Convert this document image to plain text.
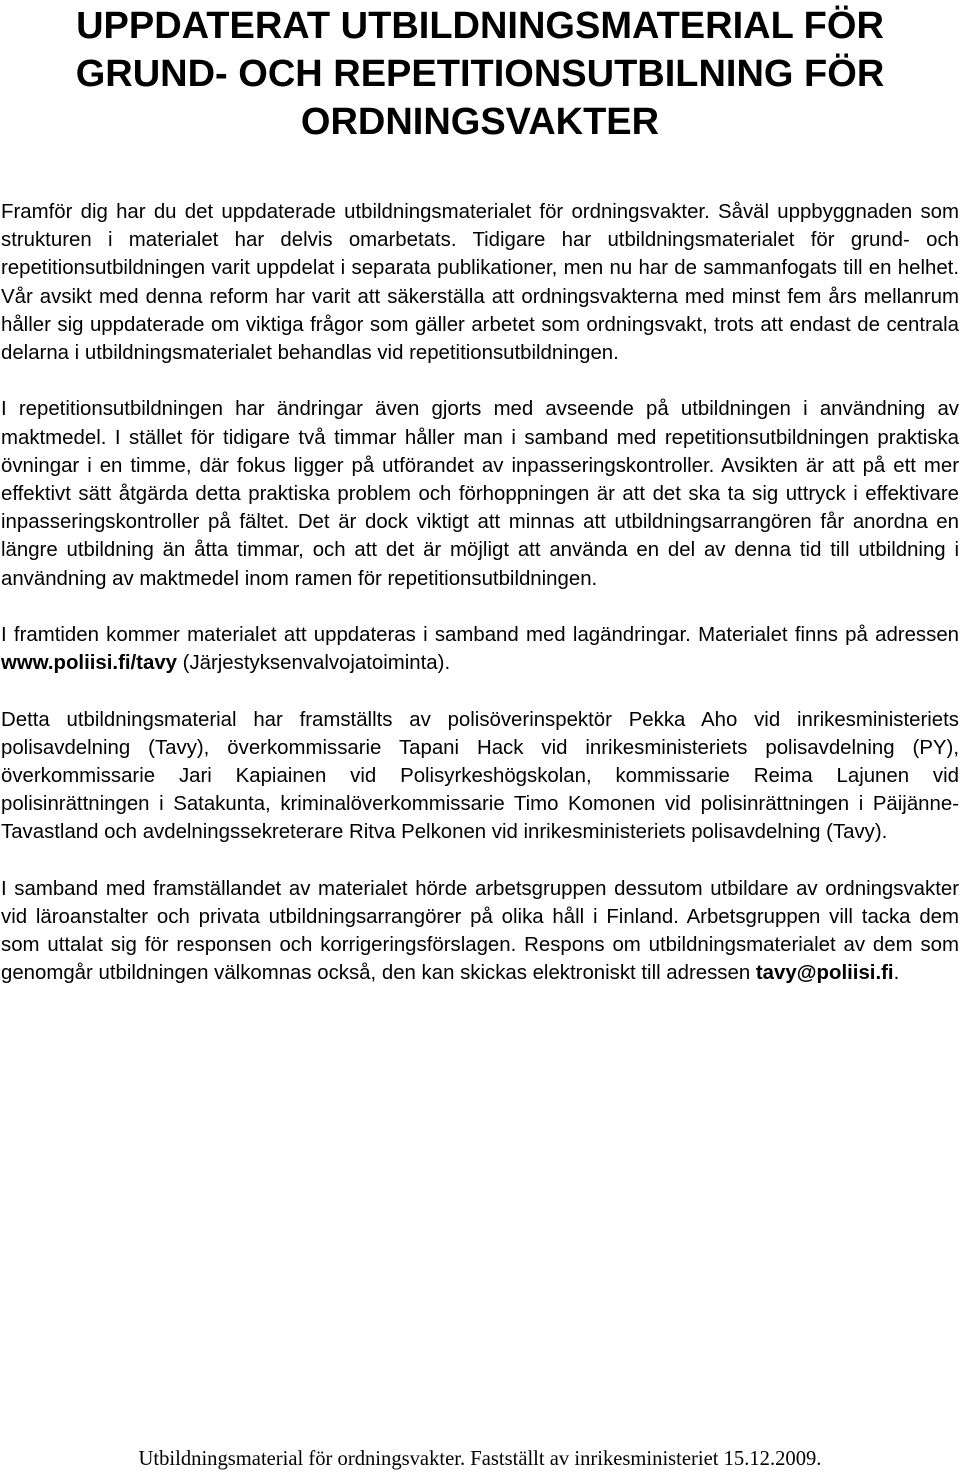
UPPDATERAT UTBILDNINGSMATERIAL FÖR
GRUND- OCH REPETITIONSUTBILNING FÖR
ORDNINGSVAKTER

Framför dig har du det uppdaterade utbildningsmaterialet för ordningsvakter. Såväl uppbyggnaden som strukturen i materialet har delvis omarbetats. Tidigare har utbildningsmaterialet för grund- och repetitionsutbildningen varit uppdelat i separata publikationer, men nu har de sammanfogats till en helhet. Vår avsikt med denna reform har varit att säkerställa att ordningsvakterna med minst fem års mellanrum håller sig uppdaterade om viktiga frågor som gäller arbetet som ordningsvakt, trots att endast de centrala delarna i utbildningsmaterialet behandlas vid repetitionsutbildningen.

I repetitionsutbildningen har ändringar även gjorts med avseende på utbildningen i användning av maktmedel. I stället för tidigare två timmar håller man i samband med repetitionsutbildningen praktiska övningar i en timme, där fokus ligger på utförandet av inpasseringskontroller. Avsikten är att på ett mer effektivt sätt åtgärda detta praktiska problem och förhoppningen är att det ska ta sig uttryck i effektivare inpasseringskontroller på fältet. Det är dock viktigt att minnas att utbildningsarrangören får anordna en längre utbildning än åtta timmar, och att det är möjligt att använda en del av denna tid till utbildning i användning av maktmedel inom ramen för repetitionsutbildningen.

I framtiden kommer materialet att uppdateras i samband med lagändringar. Materialet finns på adressen www.poliisi.fi/tavy (Järjestyksenvalvojatoiminta).

Detta utbildningsmaterial har framställts av polisöverinspektör Pekka Aho vid inrikesministeriets polisavdelning (Tavy), överkommissarie Tapani Hack vid inrikesministeriets polisavdelning (PY), överkommissarie Jari Kapiainen vid Polisyrkeshögskolan, kommissarie Reima Lajunen vid polisinrättningen i Satakunta, kriminalöverkommissarie Timo Komonen vid polisinrättningen i Päijänne-Tavastland och avdelningssekreterare Ritva Pelkonen vid inrikesministeriets polisavdelning (Tavy).

I samband med framställandet av materialet hörde arbetsgruppen dessutom utbildare av ordningsvakter vid läroanstalter och privata utbildningsarrangörer på olika håll i Finland. Arbetsgruppen vill tacka dem som uttalat sig för responsen och korrigeringsförslagen. Respons om utbildningsmaterialet av dem som genomgår utbildningen välkomnas också, den kan skickas elektroniskt till adressen tavy@poliisi.fi.

Utbildningsmaterial för ordningsvakter. Fastställt av inrikesministeriet 15.12.2009.
